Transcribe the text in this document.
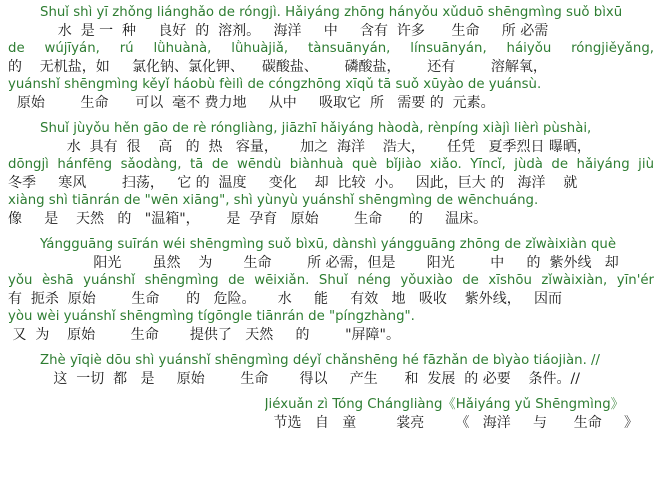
Shuǐ shì yī zhǒng liánghǎo de róngjì. Hǎiyáng zhōng hányǒu xǔduō shēngmìng suǒ bìxū
水  是 一  种     良好  的  溶剂。   海洋     中     含有  许多      生命     所 必需
de wújīyán, rú lǜhuànà, lǜhuàjiǎ, tànsuānyán, línsuānyán, háiyǒu róngjiěyǎng,
的    无机盐，如     氯化钠、氯化钾、    碳酸盐、      磷酸盐，      还有        溶解氧，
yuánshǐ shēngmìng kěyǐ háobù fèilì de cóngzhōng xīqǔ tā suǒ xūyào de yuánsù.
原始        生命      可以  毫不 费力地     从中     吸取它  所   需要 的  元素。
Shuǐ jùyǒu hěn gāo de rè róngliàng, jiāzhī hǎiyáng hàodà, rènpíng xiàjì lièrì pùshài,
水  具有  很    高   的  热   容量，     加之  海洋    浩大，     任凭   夏季烈日 曝晒，
dōngjì hánfēng sǎodàng, tā de wēndù biànhuà què bǐjiào xiǎo. Yīncǐ, jùdà de hǎiyáng jiù
冬季     寒风        扫荡，   它 的  温度     变化    却  比较  小。   因此，巨大 的   海洋    就
xiàng shì tiānrán de "wēn xiāng", shì yùnyù yuánshǐ shēngmìng de wēnchuáng.
像     是    天然   的   "温箱"，      是  孕育   原始        生命      的     温床。
Yángguāng suīrán wéi shēngmìng suǒ bìxū, dànshì yángguāng zhōng de zǐwàixiàn què
阳光       虽然    为       生命        所 必需，但是       阳光        中     的  紫外线   却
yǒu èshā yuánshǐ shēngmìng de wēixiǎn. Shuǐ néng yǒuxiào de xīshōu zǐwàixiàn, yīn'ér
有  扼杀  原始        生命      的   危险。     水     能     有效   地   吸收    紫外线，   因而
yòu wèi yuánshǐ shēngmìng tígōngle tiānrán de "píngzhàng".
又  为    原始        生命       提供了   天然     的        "屏障"。
Zhè yīqiè dōu shì yuánshǐ shēngmìng déyǐ chǎnshēng hé fāzhǎn de bìyào tiáojiàn. //
这  一切  都   是     原始        生命       得以     产生      和  发展  的 必要    条件。//
Jiéxuǎn zì Tóng Chángliàng《Hǎiyáng yǔ Shēngmìng》
节选   自   童         裳亮       《   海洋     与      生命     》
